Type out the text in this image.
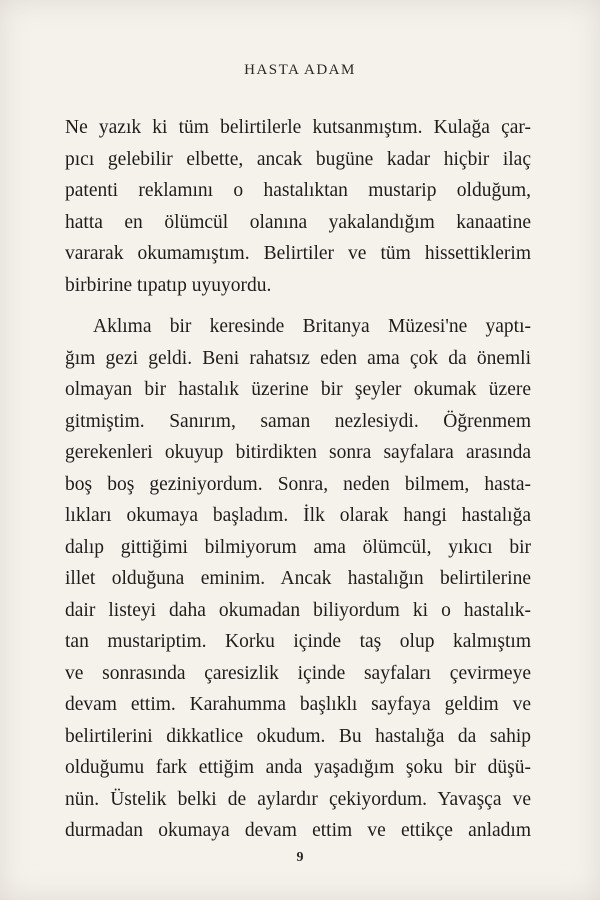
HASTA ADAM

Ne yazık ki tüm belirtilerle kutsanmıştım. Kulağa çar-
pıcı gelebilir elbette, ancak bugüne kadar hiçbir ilaç
patenti reklamını o hastalıktan mustarip olduğum,
hatta en ölümcül olanına yakalandığım kanaatine
vararak okumamıştım. Belirtiler ve tüm hissettiklerim
birbirine tıpatıp uyuyordu.

Aklıma bir keresinde Britanya Müzesi'ne yaptı-
ğım gezi geldi. Beni rahatsız eden ama çok da önemli
olmayan bir hastalık üzerine bir şeyler okumak üzere
gitmiştim. Sanırım, saman nezlesiydi. Öğrenmem
gerekenleri okuyup bitirdikten sonra sayfalara arasında
boş boş geziniyordum. Sonra, neden bilmem, hasta-
lıkları okumaya başladım. İlk olarak hangi hastalığa
dalıp gittiğimi bilmiyorum ama ölümcül, yıkıcı bir
illet olduğuna eminim. Ancak hastalığın belirtilerine
dair listeyi daha okumadan biliyordum ki o hastalık-
tan mustariptim. Korku içinde taş olup kalmıştım
ve sonrasında çaresizlik içinde sayfaları çevirmeye
devam ettim. Karahumma başlıklı sayfaya geldim ve
belirtilerini dikkatlice okudum. Bu hastalığa da sahip
olduğumu fark ettiğim anda yaşadığım şoku bir düşü-
nün. Üstelik belki de aylardır çekiyordum. Yavaşça ve
durmadan okumaya devam ettim ve ettikçe anladım

9
